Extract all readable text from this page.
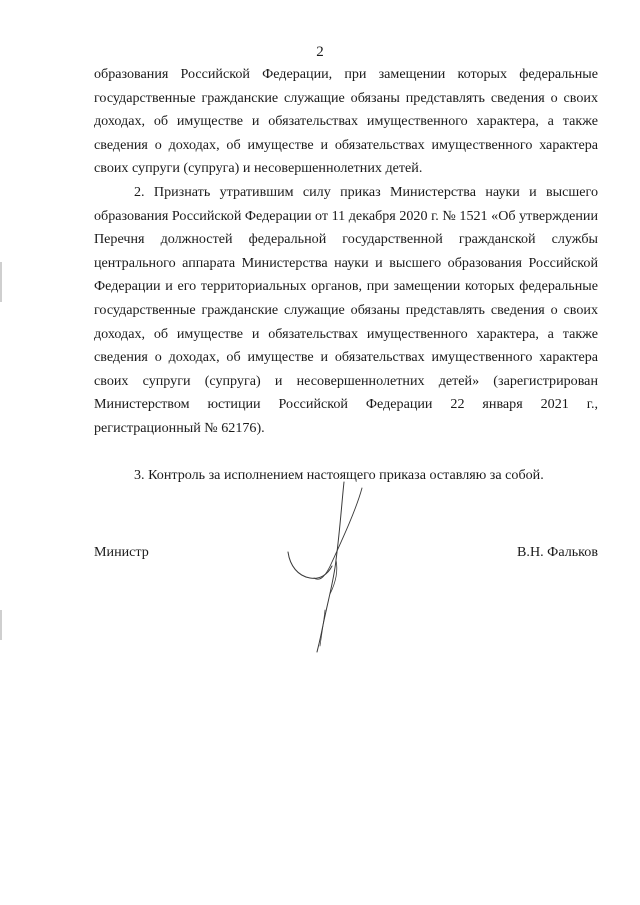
2

образования Российской Федерации, при замещении которых федеральные государственные гражданские служащие обязаны представлять сведения о своих доходах, об имуществе и обязательствах имущественного характера, а также сведения о доходах, об имуществе и обязательствах имущественного характера своих супруги (супруга) и несовершеннолетних детей.

2. Признать утратившим силу приказ Министерства науки и высшего образования Российской Федерации от 11 декабря 2020 г. № 1521 «Об утверждении Перечня должностей федеральной государственной гражданской службы центрального аппарата Министерства науки и высшего образования Российской Федерации и его территориальных органов, при замещении которых федеральные государственные гражданские служащие обязаны представлять сведения о своих доходах, об имуществе и обязательствах имущественного характера, а также сведения о доходах, об имуществе и обязательствах имущественного характера своих супруги (супруга) и несовершеннолетних детей» (зарегистрирован Министерством юстиции Российской Федерации 22 января 2021 г., регистрационный № 62176).

3. Контроль за исполнением настоящего приказа оставляю за собой.

Министр	В.Н. Фальков
